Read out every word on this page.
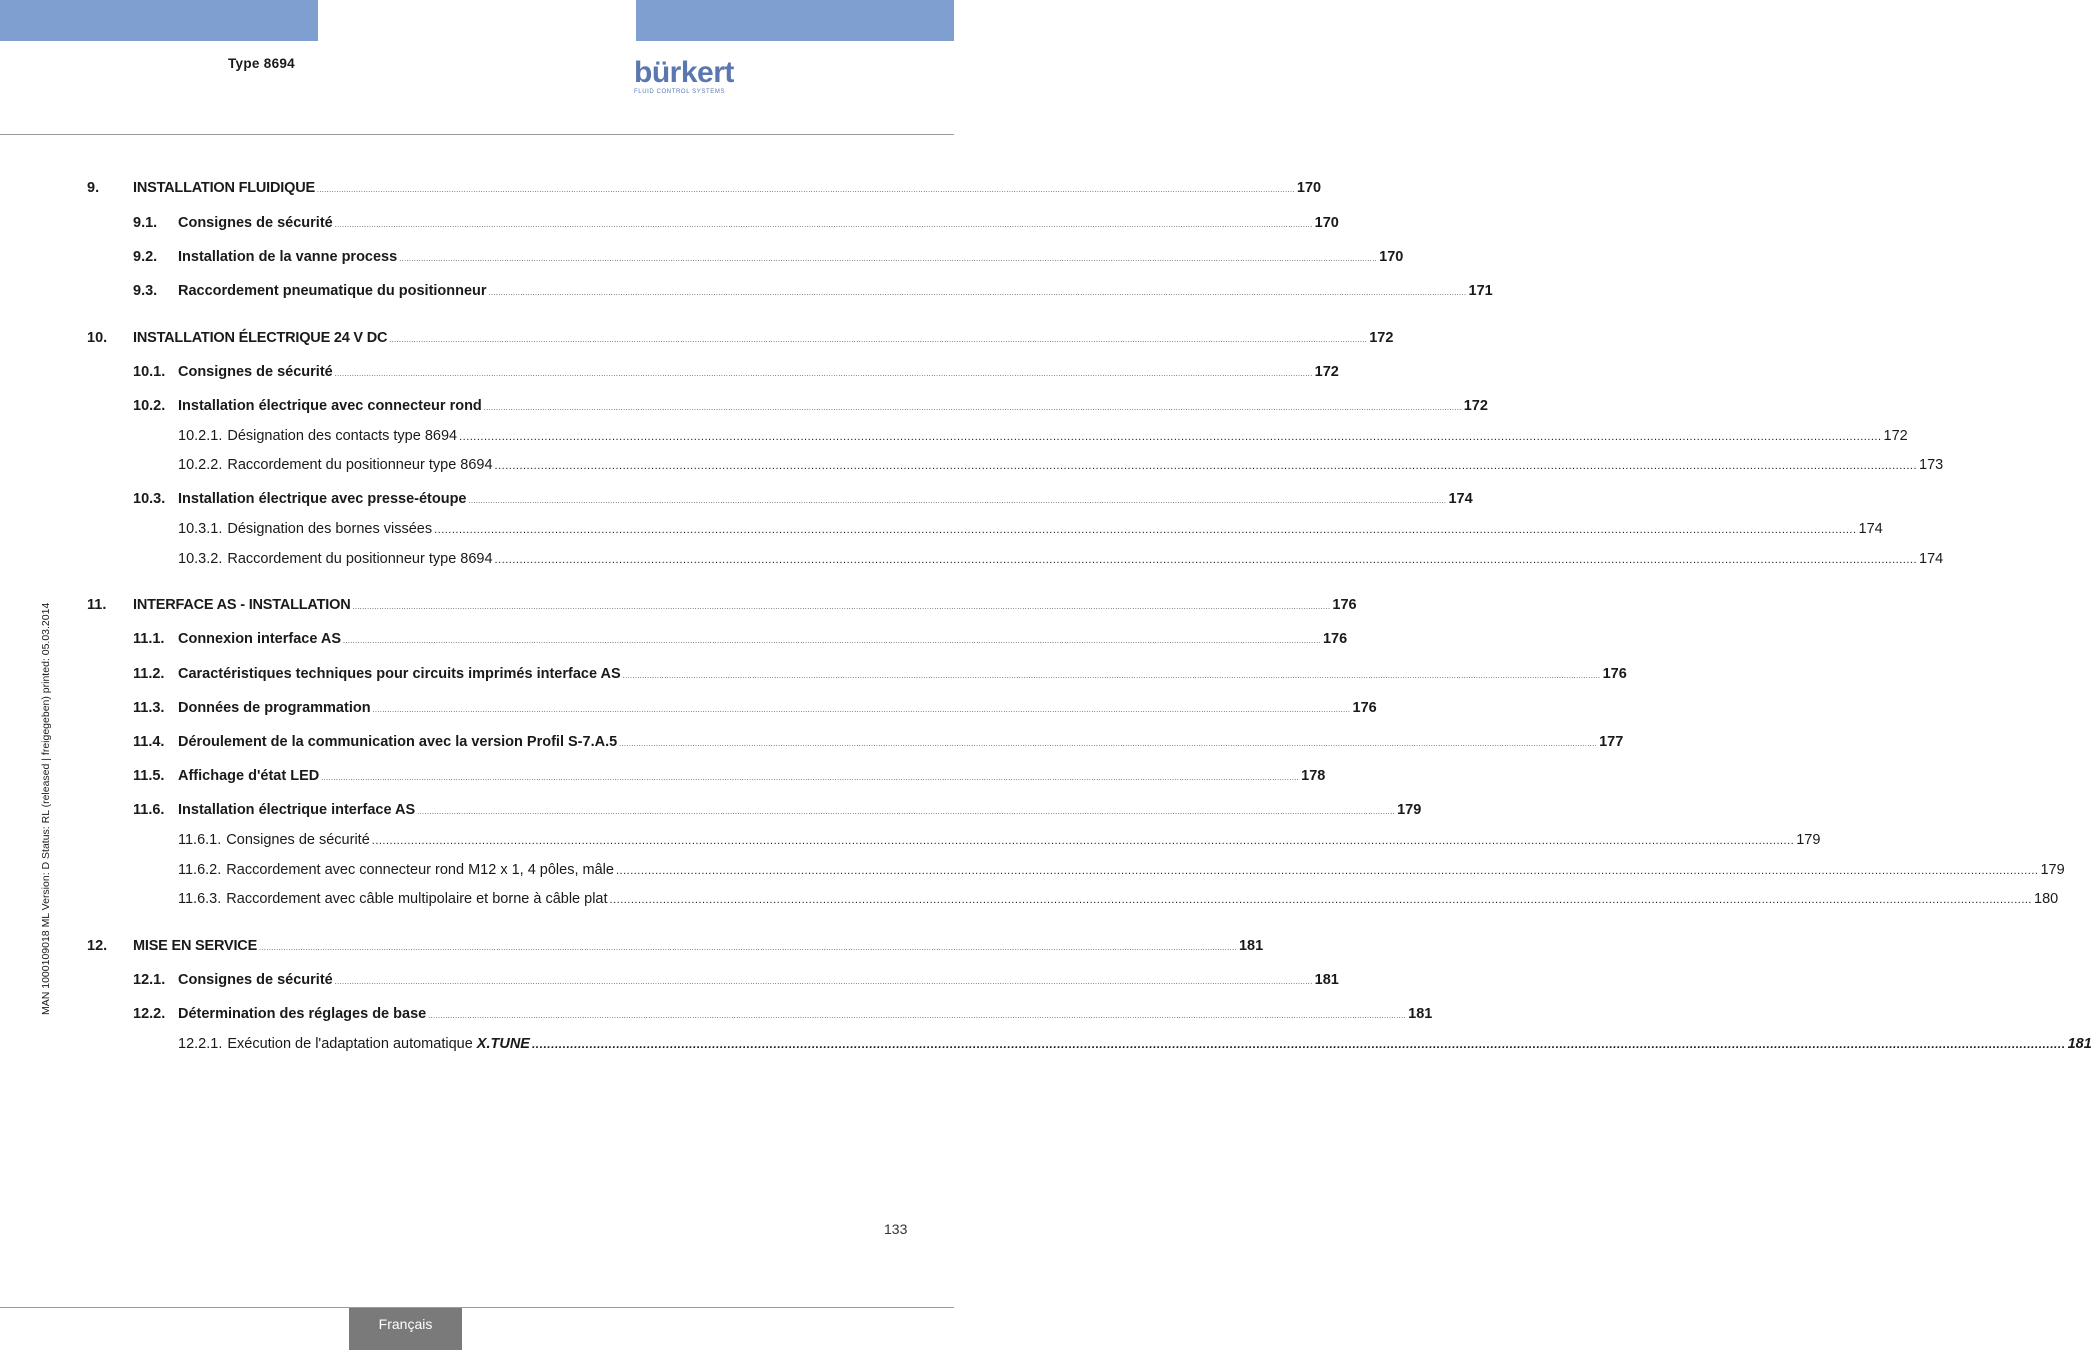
Type 8694	bürkert
FLUID CONTROL SYSTEMS
9.	INSTALLATION FLUIDIQUE ................................................................................................................................................................................................................................................................................................................................................................................................................ 170
9.1.	Consignes de sécurité ................................................................................................................................................................................................................................................................................................................................................................................................................ 170
9.2.	Installation de la vanne process ................................................................................................................................................................................................................................................................................................................................................................................................................ 170
9.3.	Raccordement pneumatique du positionneur ................................................................................................................................................................................................................................................................................................................................................................................................................ 171
10.	INSTALLATION ÉLECTRIQUE 24 V DC ................................................................................................................................................................................................................................................................................................................................................................................................................ 172
10.1. Consignes de sécurité ................................................................................................................................................................................................................................................................................................................................................................................................................ 172
10.2. Installation électrique avec connecteur rond ................................................................................................................................................................................................................................................................................................................................................................................................................ 172
10.2.1. Désignation des contacts type 8694 ................................................................................................................................................................................................................................................................................................................................................................................................................ 172
10.2.2. Raccordement du positionneur type 8694 ................................................................................................................................................................................................................................................................................................................................................................................................................ 173
10.3. Installation électrique avec presse-étoupe ................................................................................................................................................................................................................................................................................................................................................................................................................ 174
10.3.1. Désignation des bornes vissées ................................................................................................................................................................................................................................................................................................................................................................................................................ 174
10.3.2. Raccordement du positionneur type 8694 ................................................................................................................................................................................................................................................................................................................................................................................................................ 174
11.	INTERFACE AS - INSTALLATION ................................................................................................................................................................................................................................................................................................................................................................................................................ 176
11.1. Connexion interface AS ................................................................................................................................................................................................................................................................................................................................................................................................................ 176
11.2. Caractéristiques techniques pour circuits imprimés interface AS ................................................................................................................................................................................................................................................................................................................................................................................................................ 176
11.3. Données de programmation ................................................................................................................................................................................................................................................................................................................................................................................................................ 176
11.4. Déroulement de la communication avec la version Profil S-7.A.5 ................................................................................................................................................................................................................................................................................................................................................................................................................ 177
11.5. Affichage d'état LED ................................................................................................................................................................................................................................................................................................................................................................................................................ 178
11.6. Installation électrique interface AS ................................................................................................................................................................................................................................................................................................................................................................................................................ 179
11.6.1. Consignes de sécurité ................................................................................................................................................................................................................................................................................................................................................................................................................ 179
11.6.2. Raccordement avec connecteur rond M12 x 1, 4 pôles, mâle ................................................................................................................................................................................................................................................................................................................................................................................................................ 179
11.6.3. Raccordement avec câble multipolaire et borne à câble plat ................................................................................................................................................................................................................................................................................................................................................................................................................ 180
12.	MISE EN SERVICE ................................................................................................................................................................................................................................................................................................................................................................................................................ 181
12.1. Consignes de sécurité ................................................................................................................................................................................................................................................................................................................................................................................................................ 181
12.2. Détermination des réglages de base ................................................................................................................................................................................................................................................................................................................................................................................................................ 181
12.2.1. Exécution de l'adaptation automatique X.TUNE ................................................................................................................................................................................................................................................................................................................................................................................................................ 181
MAN 1000109018 ML Version: D Status: RL (released | freigegeben) printed: 05.03.2014
133
Français
